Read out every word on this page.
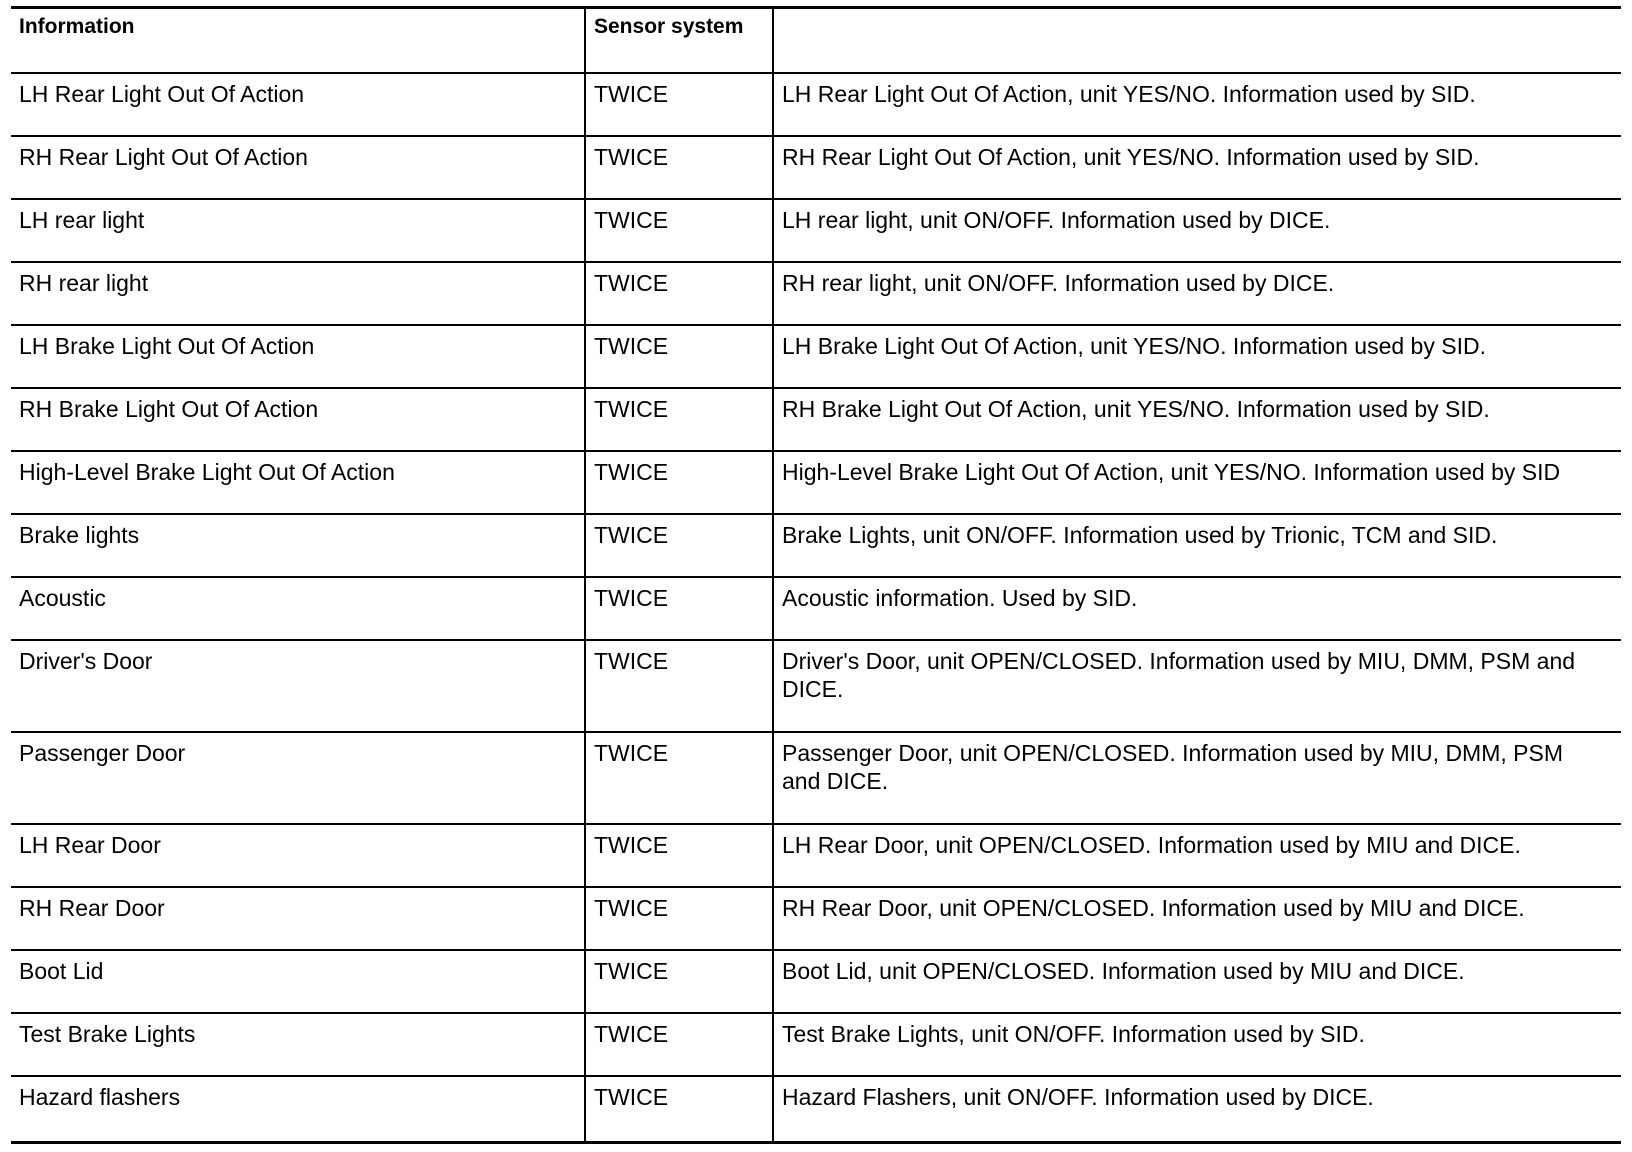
Information	Sensor system	

LH Rear Light Out Of Action	TWICE	LH Rear Light Out Of Action, unit YES/NO. Information used by SID.

RH Rear Light Out Of Action	TWICE	RH Rear Light Out Of Action, unit YES/NO. Information used by SID.

LH rear light	TWICE	LH rear light, unit ON/OFF. Information used by DICE.

RH rear light	TWICE	RH rear light, unit ON/OFF. Information used by DICE.

LH Brake Light Out Of Action	TWICE	LH Brake Light Out Of Action, unit YES/NO. Information used by SID.

RH Brake Light Out Of Action	TWICE	RH Brake Light Out Of Action, unit YES/NO. Information used by SID.

High-Level Brake Light Out Of Action	TWICE	High-Level Brake Light Out Of Action, unit YES/NO. Information used by SID

Brake lights	TWICE	Brake Lights, unit ON/OFF. Information used by Trionic, TCM and SID.

Acoustic	TWICE	Acoustic information. Used by SID.

Driver's Door	TWICE	Driver's Door, unit OPEN/CLOSED. Information used by MIU, DMM, PSM and DICE.

Passenger Door	TWICE	Passenger Door, unit OPEN/CLOSED. Information used by MIU, DMM, PSM and DICE.

LH Rear Door	TWICE	LH Rear Door, unit OPEN/CLOSED. Information used by MIU and DICE.

RH Rear Door	TWICE	RH Rear Door, unit OPEN/CLOSED. Information used by MIU and DICE.

Boot Lid	TWICE	Boot Lid, unit OPEN/CLOSED. Information used by MIU and DICE.

Test Brake Lights	TWICE	Test Brake Lights, unit ON/OFF. Information used by SID.

Hazard flashers	TWICE	Hazard Flashers, unit ON/OFF. Information used by DICE.
